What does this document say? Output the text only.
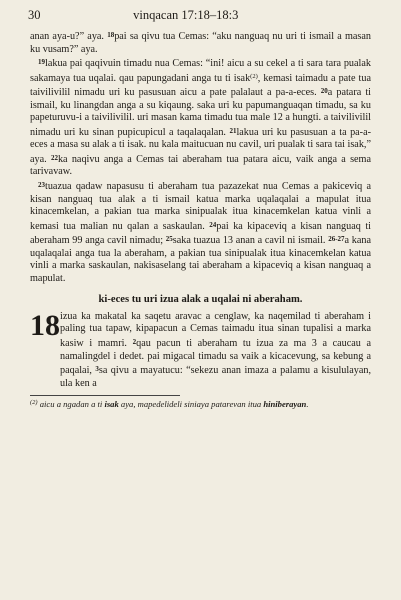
30	vinqacan 17:18–18:3

anan aya-u?” aya. 18pai sa qivu tua Cemas: “aku nanguaq nu uri ti ismail a masan ku vusam?” aya.

19lakua pai qaqivuin timadu nua Cemas: “ini! aicu a su cekel a ti sara tara pualak sakamaya tua uqalai. qau papungadani anga tu ti isak$^{(2)}$, kemasi taimadu a pate tua taivilivilil nimadu uri ku pasusuan aicu a pate palalaut a pa-a-eces. 20a patara ti ismail, ku linangdan anga a su kiqaung. saka uri ku papumanguaqan timadu, sa ku papeturuvu-i a taivilivilil. uri masan kama timadu tua male 12 a hungti. a taivilivilil nimadu uri ku sinan pupicupicul a taqalaqalan. 21lakua uri ku pasusuan a ta pa-a-eces a masa su alak a ti isak. nu kala maitucuan nu cavil, uri pualak ti sara tai isak,” aya. 22ka naqivu anga a Cemas tai aberaham tua patara aicu, vaik anga a sema tarivavaw.

23tuazua qadaw napasusu ti aberaham tua pazazekat nua Cemas a pakiceviq a kisan nanguaq tua alak a ti ismail katua marka uqalaqalai a mapulat itua kinacemkelan, a pakian tua marka sinipualak itua kinacemkelan katua vinli a kemasi tua malian nu qalan a saskaulan. 24pai ka kipaceviq a kisan nanguaq ti aberaham 99 anga cavil nimadu; 25saka tuazua 13 anan a cavil ni ismail. 26-27a kana uqalaqalai anga tua la aberaham, a pakian tua sinipualak itua kinacemkelan katua vinli a marka saskaulan, nakisaselang tai aberaham a kipaceviq a kisan nanguaq a mapulat.

ki-eces tu uri izua alak a uqalai ni aberaham.
18 izua ka makatal ka saqetu aravac a cenglaw, ka naqemilad ti aberaham i paling tua tapaw, kipapacun a Cemas taimadu itua sinan tupalisi a marka kasiw i mamri. 2qau pacun ti aberaham tu izua za ma 3 a caucau a namalingdel i dedet. pai migacal timadu sa vaik a kicacevung, sa kebung a paqalai, 3sa qivu a mayatucu: “sekezu anan imaza a palamu a kisululayan, ula ken a
$^{(2)}$ aicu a ngadan a ti isak aya, mapedelideli siniaya patarevan itua hiniberayan.
